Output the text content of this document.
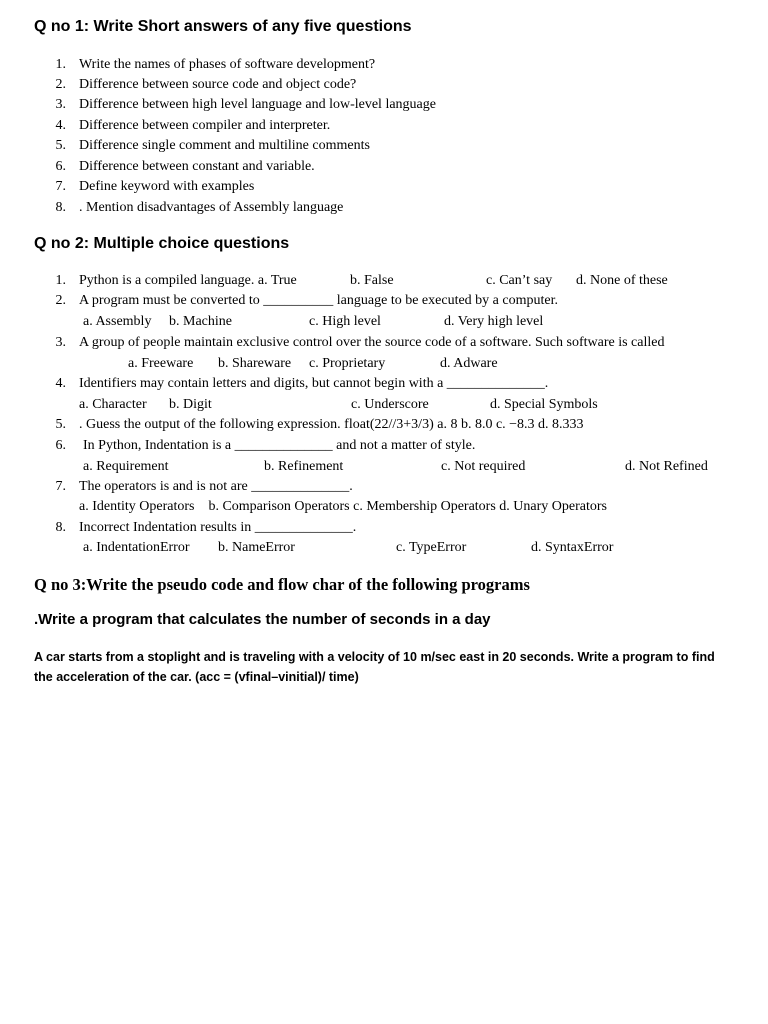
Q no 1: Write Short answers of any five questions
1. Write the names of phases of software development?
2. Difference between source code and object code?
3. Difference between high level language and low-level language
4. Difference between compiler and interpreter.
5. Difference single comment and multiline comments
6. Difference between constant and variable.
7. Define keyword with examples
8. . Mention disadvantages of Assembly language
Q no 2: Multiple choice questions
1. Python is a compiled language. a. True	b. False	c. Can’t say d. None of these
2. A program must be converted to __________ language to be executed by a computer.
a. Assembly b. Machine	c. High level	d. Very high level
3. A group of people maintain exclusive control over the source code of a software. Such software is called
a. Freeware b. Shareware c. Proprietary	d. Adware
4. Identifiers may contain letters and digits, but cannot begin with a ______________.
a. Character b. Digit	c. Underscore	d. Special Symbols
5. . Guess the output of the following expression. float(22//3+3/3) a. 8 b. 8.0 c. −8.3 d. 8.333
6. In Python, Indentation is a ______________ and not a matter of style.
a. Requirement	b. Refinement	c. Not required	d. Not Refined
7. The operators is and is not are ______________.
a. Identity Operators    b. Comparison Operators c. Membership Operators d. Unary Operators
8. Incorrect Indentation results in ______________.
a. IndentationError b. NameError	c. TypeError	d. SyntaxError
Q no 3:Write the pseudo code and flow char of the following programs
.Write a program that calculates the number of seconds in a day
A car starts from a stoplight and is traveling with a velocity of 10 m/sec east in 20 seconds. Write a program to find the acceleration of the car. (acc = (vfinal–vinitial)/ time)
